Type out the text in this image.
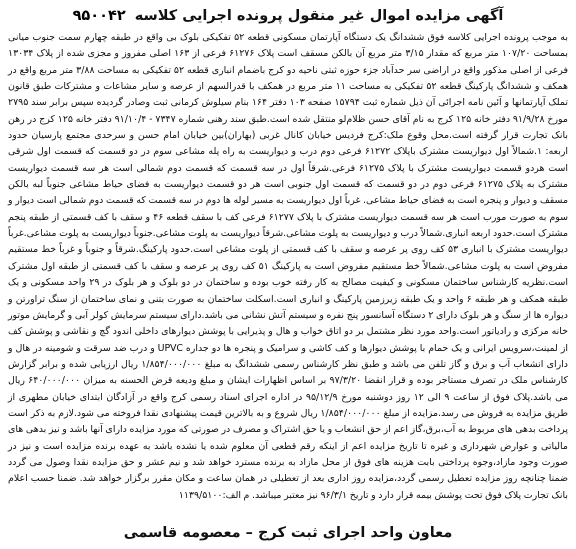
آگهی مزایده اموال غیر منقول پرونده اجرایی کلاسه ۹۵۰۰۴۲

به موجب پرونده اجرایی کلاسه فوق ششدانگ یک دستگاه آپارتمان مسکونی قطعه ۵۲ تفکیکی بلوک بی واقع در طبقه چهارم سمت جنوب میانی بمساحت ۱۰۷/۲۰ متر مربع که مقدار ۳/۱۵ متر مربع آن بالکن مسقف است پلاک ۶۱۲۷۶ فرعی از ۱۶۳ اصلی مفروز و مجزی شده از پلاک ۱۳۰۳۴ فرعی از اصلی مذکور واقع در اراضی سر حدآباد جزء حوزه ثبتی ناحیه دو کرج باضمام انباری قطعه ۵۲ تفکیکی به مساحت ۳/۸۸ متر مربع واقع در همکف و ششدانگ پارکینگ قطعه ۵۲ تفکیکی به مساحت ۱۱ متر مربع در همکف با قدرالسهم از عرصه و سایر مشاعات و مشترکات طبق قانون تملک آپارتمانها و آئین نامه اجرائی آن ذیل شماره ثبت ۱۵۷۹۴ صفحه ۱۰۳ دفتر ۱۶۴ بنام سیلوش کرمانی ثبت وصادر گردیده سپس برابر سند ۲۷۹۵ مورخ ۹۱/۹/۲۸ دفتر خانه ۱۲۵ کرج به نام آقای حسن ظلام‌لو منتقل شده است.طبق سند رهنی شماره ۷۳۴۷ - ۹۱/۱۰/۴ دفتر خانه ۱۲۵ کرج در رهن بانک تجارت قرار گرفته است.محل وقوع ملک:کرج فردیس خیابان کانال غربی (بهاران)بین خیابان امام حسن و سرحدی مجتمع پارسیان حدود اربعه: ۱.شمالاً اول دیواریست مشترک باپلاک ۶۱۲۷۲ فرعی دوم درب و دیواریست به راه پله مشاعی سوم در دو قسمت که قسمت اول شرقی است هردو قسمت دیواریست مشترک با پلاک ۶۱۲۷۵ فرعی.شرقاً اول در سه قسمت که قسمت دوم شمالی است هر سه قسمت دیواریست مشترک به پلاک ۶۱۲۷۵ فرعی دوم در دو قسمت که قسمت اول جنوبی است هر دو قسمت دیواریست به فضای حیاط مشاعی جنوباً لبه بالکن مسقف و دیوار و پنجره است به فضای حیاط مشاعی. غرباً اول دیواریست به مسیر لوله ها دوم در سه قسمت که قسمت دوم شمالی است دیوار و سوم به صورت مورب است هر سه قسمت دیواریست مشترک با پلاک ۶۱۲۷۷ فرعی کف با سقف قطعه ۴۶ و سقف با کف قسمتی از طبقه پنجم مشترک است.حدود اربعه انباری.شمالاً درب و دیواریست به پلوت مشاعی.شرقاً دیواریست به پلوت مشاعی.جنوباً دیواریست به پلوت مشاعی.غرباً دیواریست مشترک با انباری ۵۳ کف روی پر عرصه و سقف با کف قسمتی از پلوت مشاعی است.حدود پارکینگ.شرقاً و جنوباً و غرباً خط مستقیم مفروض است به پلوت مشاعی.شمالاً خط مستقیم مفروض است به پارکینگ ۵۱ کف روی پر عرصه و سقف با کف قسمتی از طبقه اول مشترک است.نظریه کارشناس ساختمان مسکونی و کیفیت مصالح به کار رفته خوب بوده و ساختمان در دو بلوک و هر بلوک در ۲۹ واحد مسکونی و یک طبقه همکف و هر طبقه ۶ واحد و یک طبقه زیرزمین پارکینگ و انباری است.اسکلت ساختمان به صورت بتنی و نمای ساختمان از سنگ تراورتن و دیواره ها از سنگ و هر بلوک دارای ۲ دستگاه آسانسور پنج نفره و سیستم آتش نشانی می باشد.دارای سیستم سرمایش کولر آبی و گرمایش موتور خانه مرکزی و رادیاتور است.واحد مورد نظر مشتمل بر دو اتاق خواب و هال و پذیرایی با پوشش دیوارهای داخلی اندود گچ و نقاشی و پوشش کف از لمینت،سرویس ایرانی و یک حمام با پوشش دیوارها و کف کاشی و سرامیک و پنجره ها دو جداره UPVC و درب ضد سرقت و شومینه در هال و دارای انشعاب آب و برق و گاز تلفن می باشد و طبق نظر کارشناس رسمی ششدانگ به مبلغ ۱/۸۵۴/۰۰۰/۰۰۰ ریال ارزیابی شده و برابر گزارش کارشناس ملک در تصرف مستاجر بوده و قرار انقضا ۹۷/۳/۲۰ بر اساس اظهارات ایشان و مبلغ ودیعه قرض الحسنه به میزان ۶۴۰/۰۰۰/۰۰۰ ریال می باشد.پلاک فوق از ساعت ۹ الی ۱۲ روز دوشنبه مورخ ۹۵/۱۲/۹ در اداره اجرای اسناد رسمی کرج واقع در آزادگان ابتدای خیابان مطهری از طریق مزایده به فروش می رسد.مزایده از مبلغ ۱/۸۵۴/۰۰۰/۰۰۰ ریال شروع و به بالاترین قیمت پیشنهادی نقدا فروخته می شود.لازم به ذکر است پرداخت بدهی های مربوط به آب،برق،گاز اعم از حق انشعاب و یا حق اشتراک و مصرف در صورتی که مورد مزایده دارای آنها باشد و نیز بدهی های مالیاتی و عوارض شهرداری و غیره تا تاریخ مزایده اعم از اینکه رقم قطعی آن معلوم شده یا نشده باشد به عهده برنده مزایده است و نیز در صورت وجود مازاد،وجوه پرداختی بابت هزینه های فوق از محل مازاد به برنده مسترد خواهد شد و نیم عشر و حق مزایده نقدا وصول می گردد ضمنا چنانچه روز مزایده تعطیل رسمی گردد،مزایده روز اداری بعد از تعطیلی در همان ساعت و مکان مقرر برگزار خواهد شد. ضمنا حسب اعلام بانک تجارت پلاک فوق تحت پوشش بیمه قرار دارد و تاریخ ۹۶/۳/۱ نیز معتبر میباشد. م الف:۱۱۳۹/۵۱۰۰

معاون واحد اجرای ثبت کرج – معصومه قاسمی
